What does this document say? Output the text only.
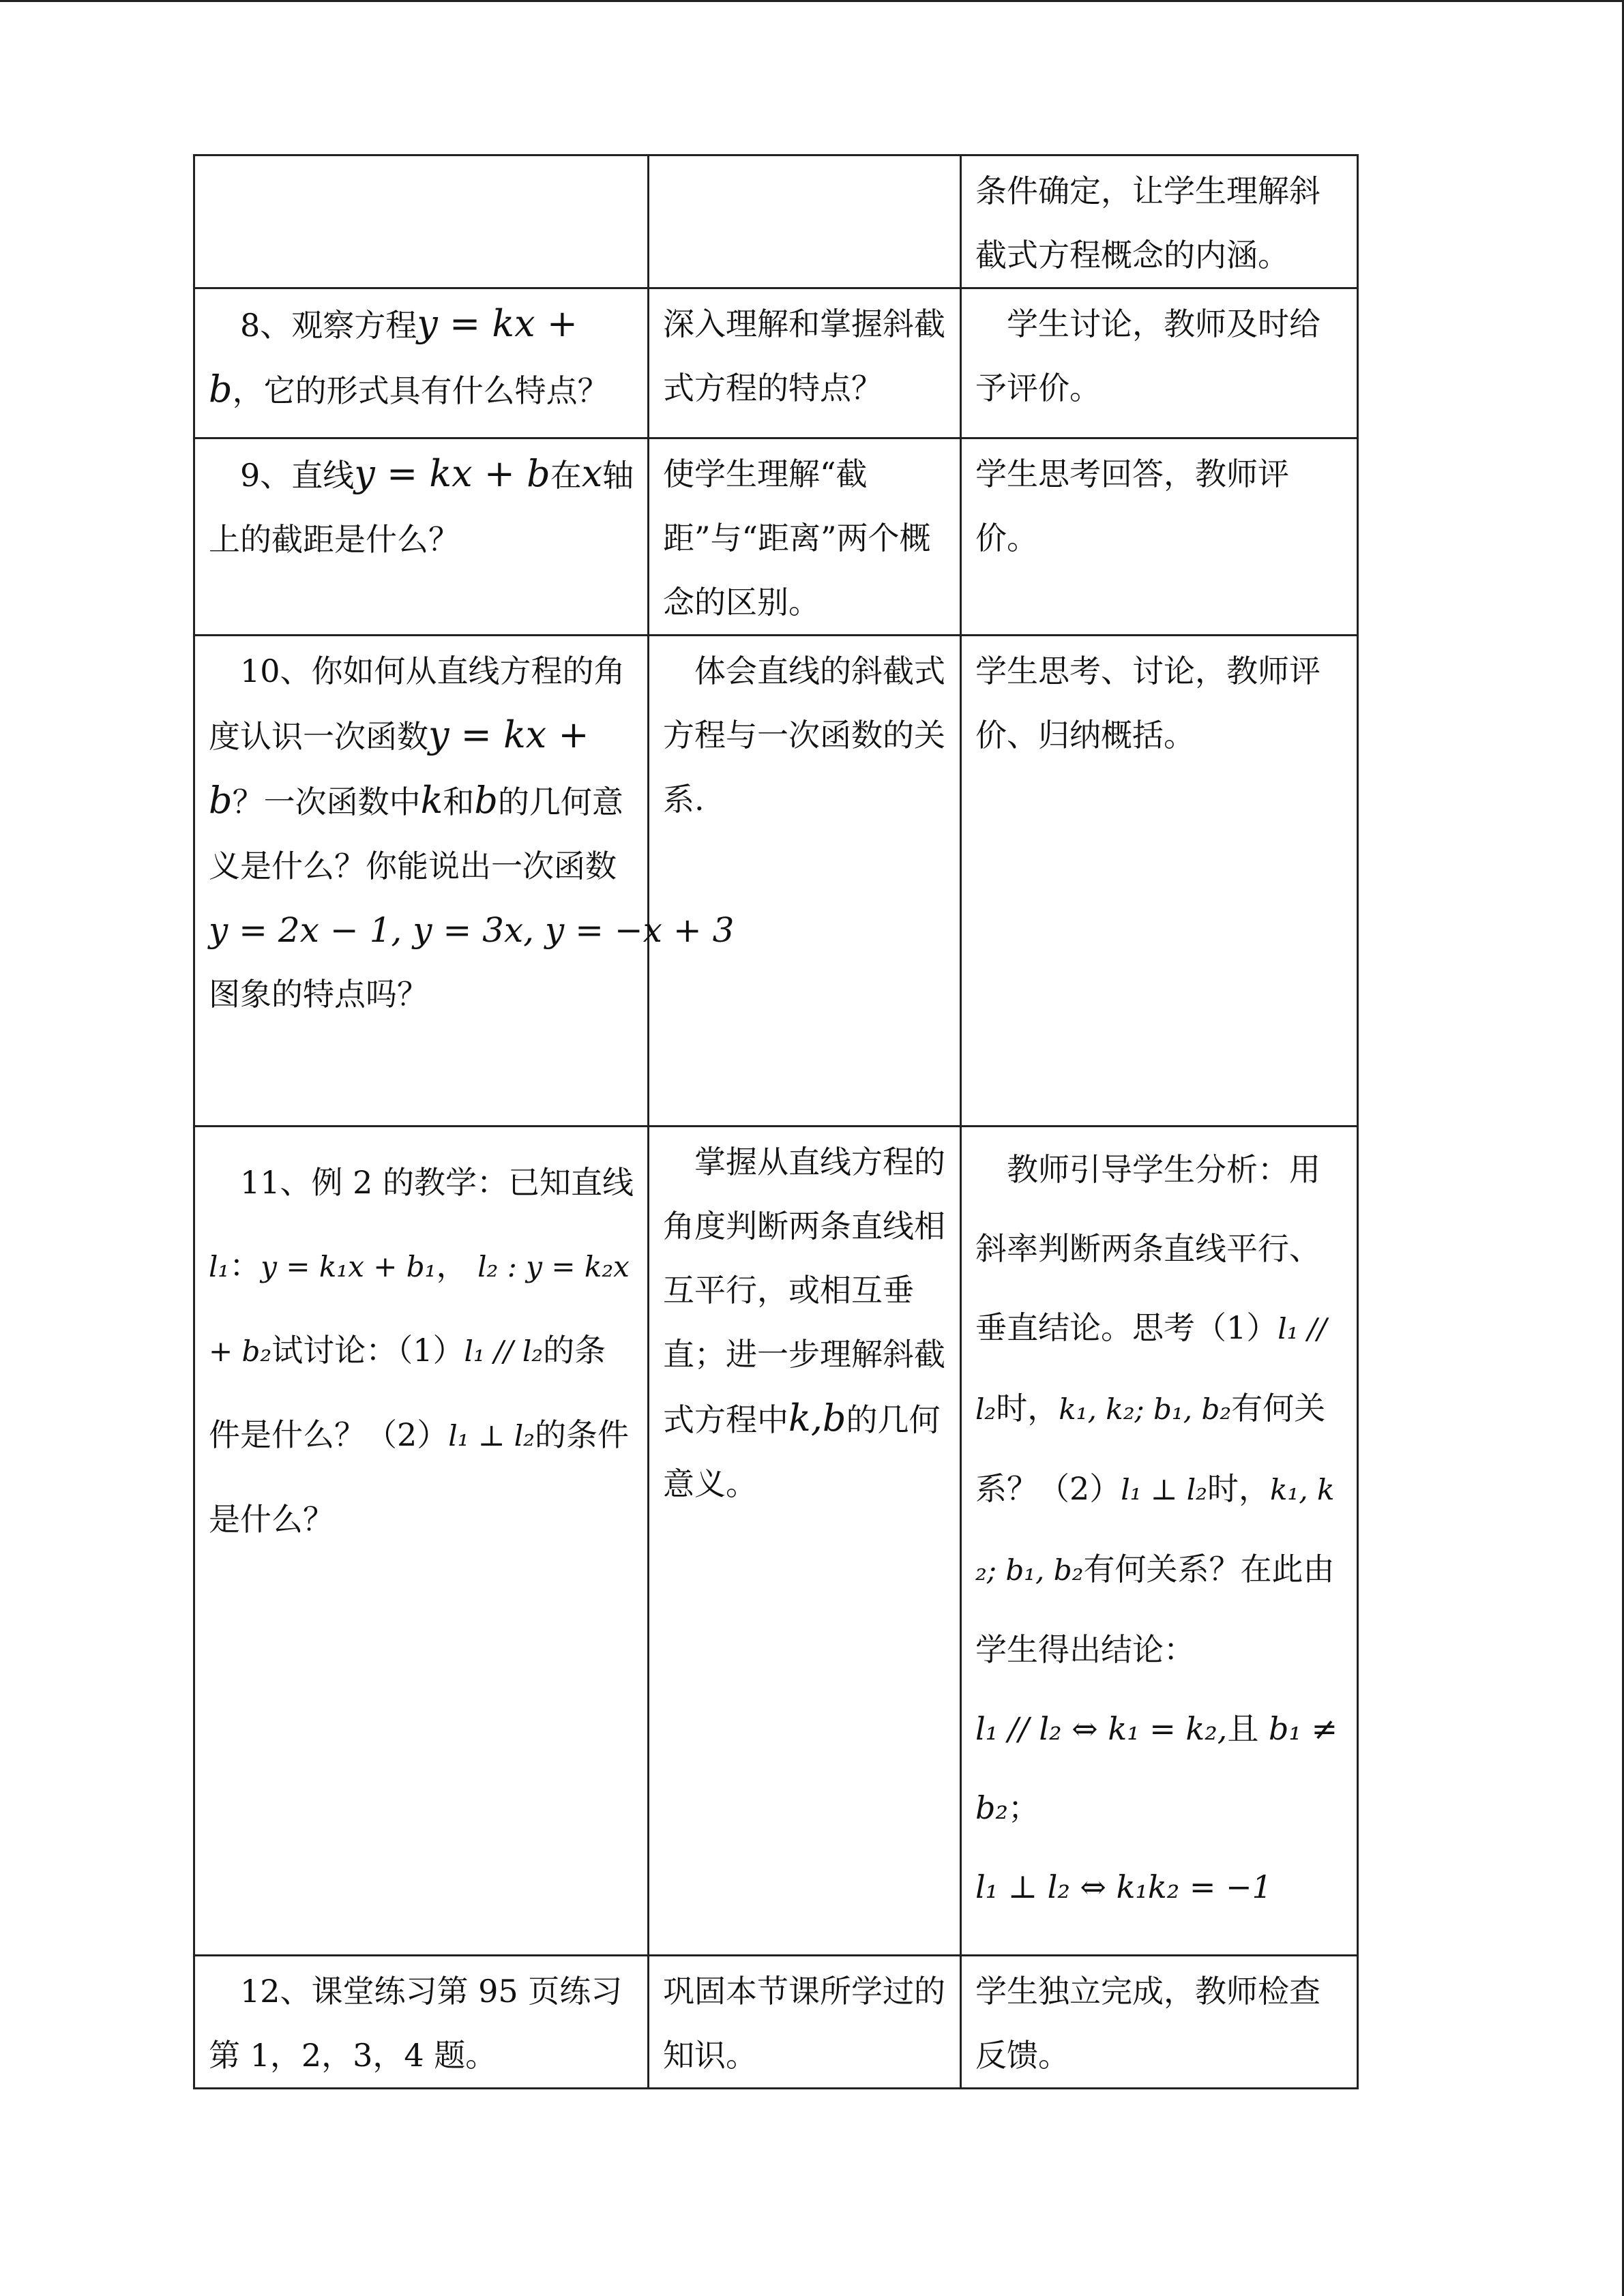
		条件确定，让学生理解斜截式方程概念的内涵。
8、观察方程y = kx + b，它的形式具有什么特点？	深入理解和掌握斜截式方程的特点？	学生讨论，教师及时给予评价。
9、直线y = kx + b在x轴上的截距是什么？	使学生理解“截距”与“距离”两个概念的区别。	学生思考回答，教师评价。
10、你如何从直线方程的角度认识一次函数y = kx + b？一次函数中k和b的几何意义是什么？你能说出一次函数
y = 2x − 1, y = 3x, y = −x + 3
图象的特点吗？	体会直线的斜截式方程与一次函数的关系.	学生思考、讨论，教师评价、归纳概括。
11、例 2 的教学：已知直线l₁：y = k₁x + b₁， l₂ : y = k₂x + b₂试讨论：（1）l₁ // l₂的条件是什么？（2）l₁ ⊥ l₂的条件是什么？	掌握从直线方程的角度判断两条直线相互平行，或相互垂直；进一步理解斜截式方程中k,b的几何意义。	教师引导学生分析：用斜率判断两条直线平行、垂直结论。思考（1）l₁ // l₂时，k₁, k₂; b₁, b₂有何关系？（2）l₁ ⊥ l₂时，k₁, k₂; b₁, b₂有何关系？在此由学生得出结论： l₁ // l₂ ⇔ k₁ = k₂,且 b₁ ≠ b₂；
l₁ ⊥ l₂ ⇔ k₁k₂ = −1

12、课堂练习第 95 页练习第 1，2，3，4 题。	巩固本节课所学过的知识。	学生独立完成，教师检查反馈。
